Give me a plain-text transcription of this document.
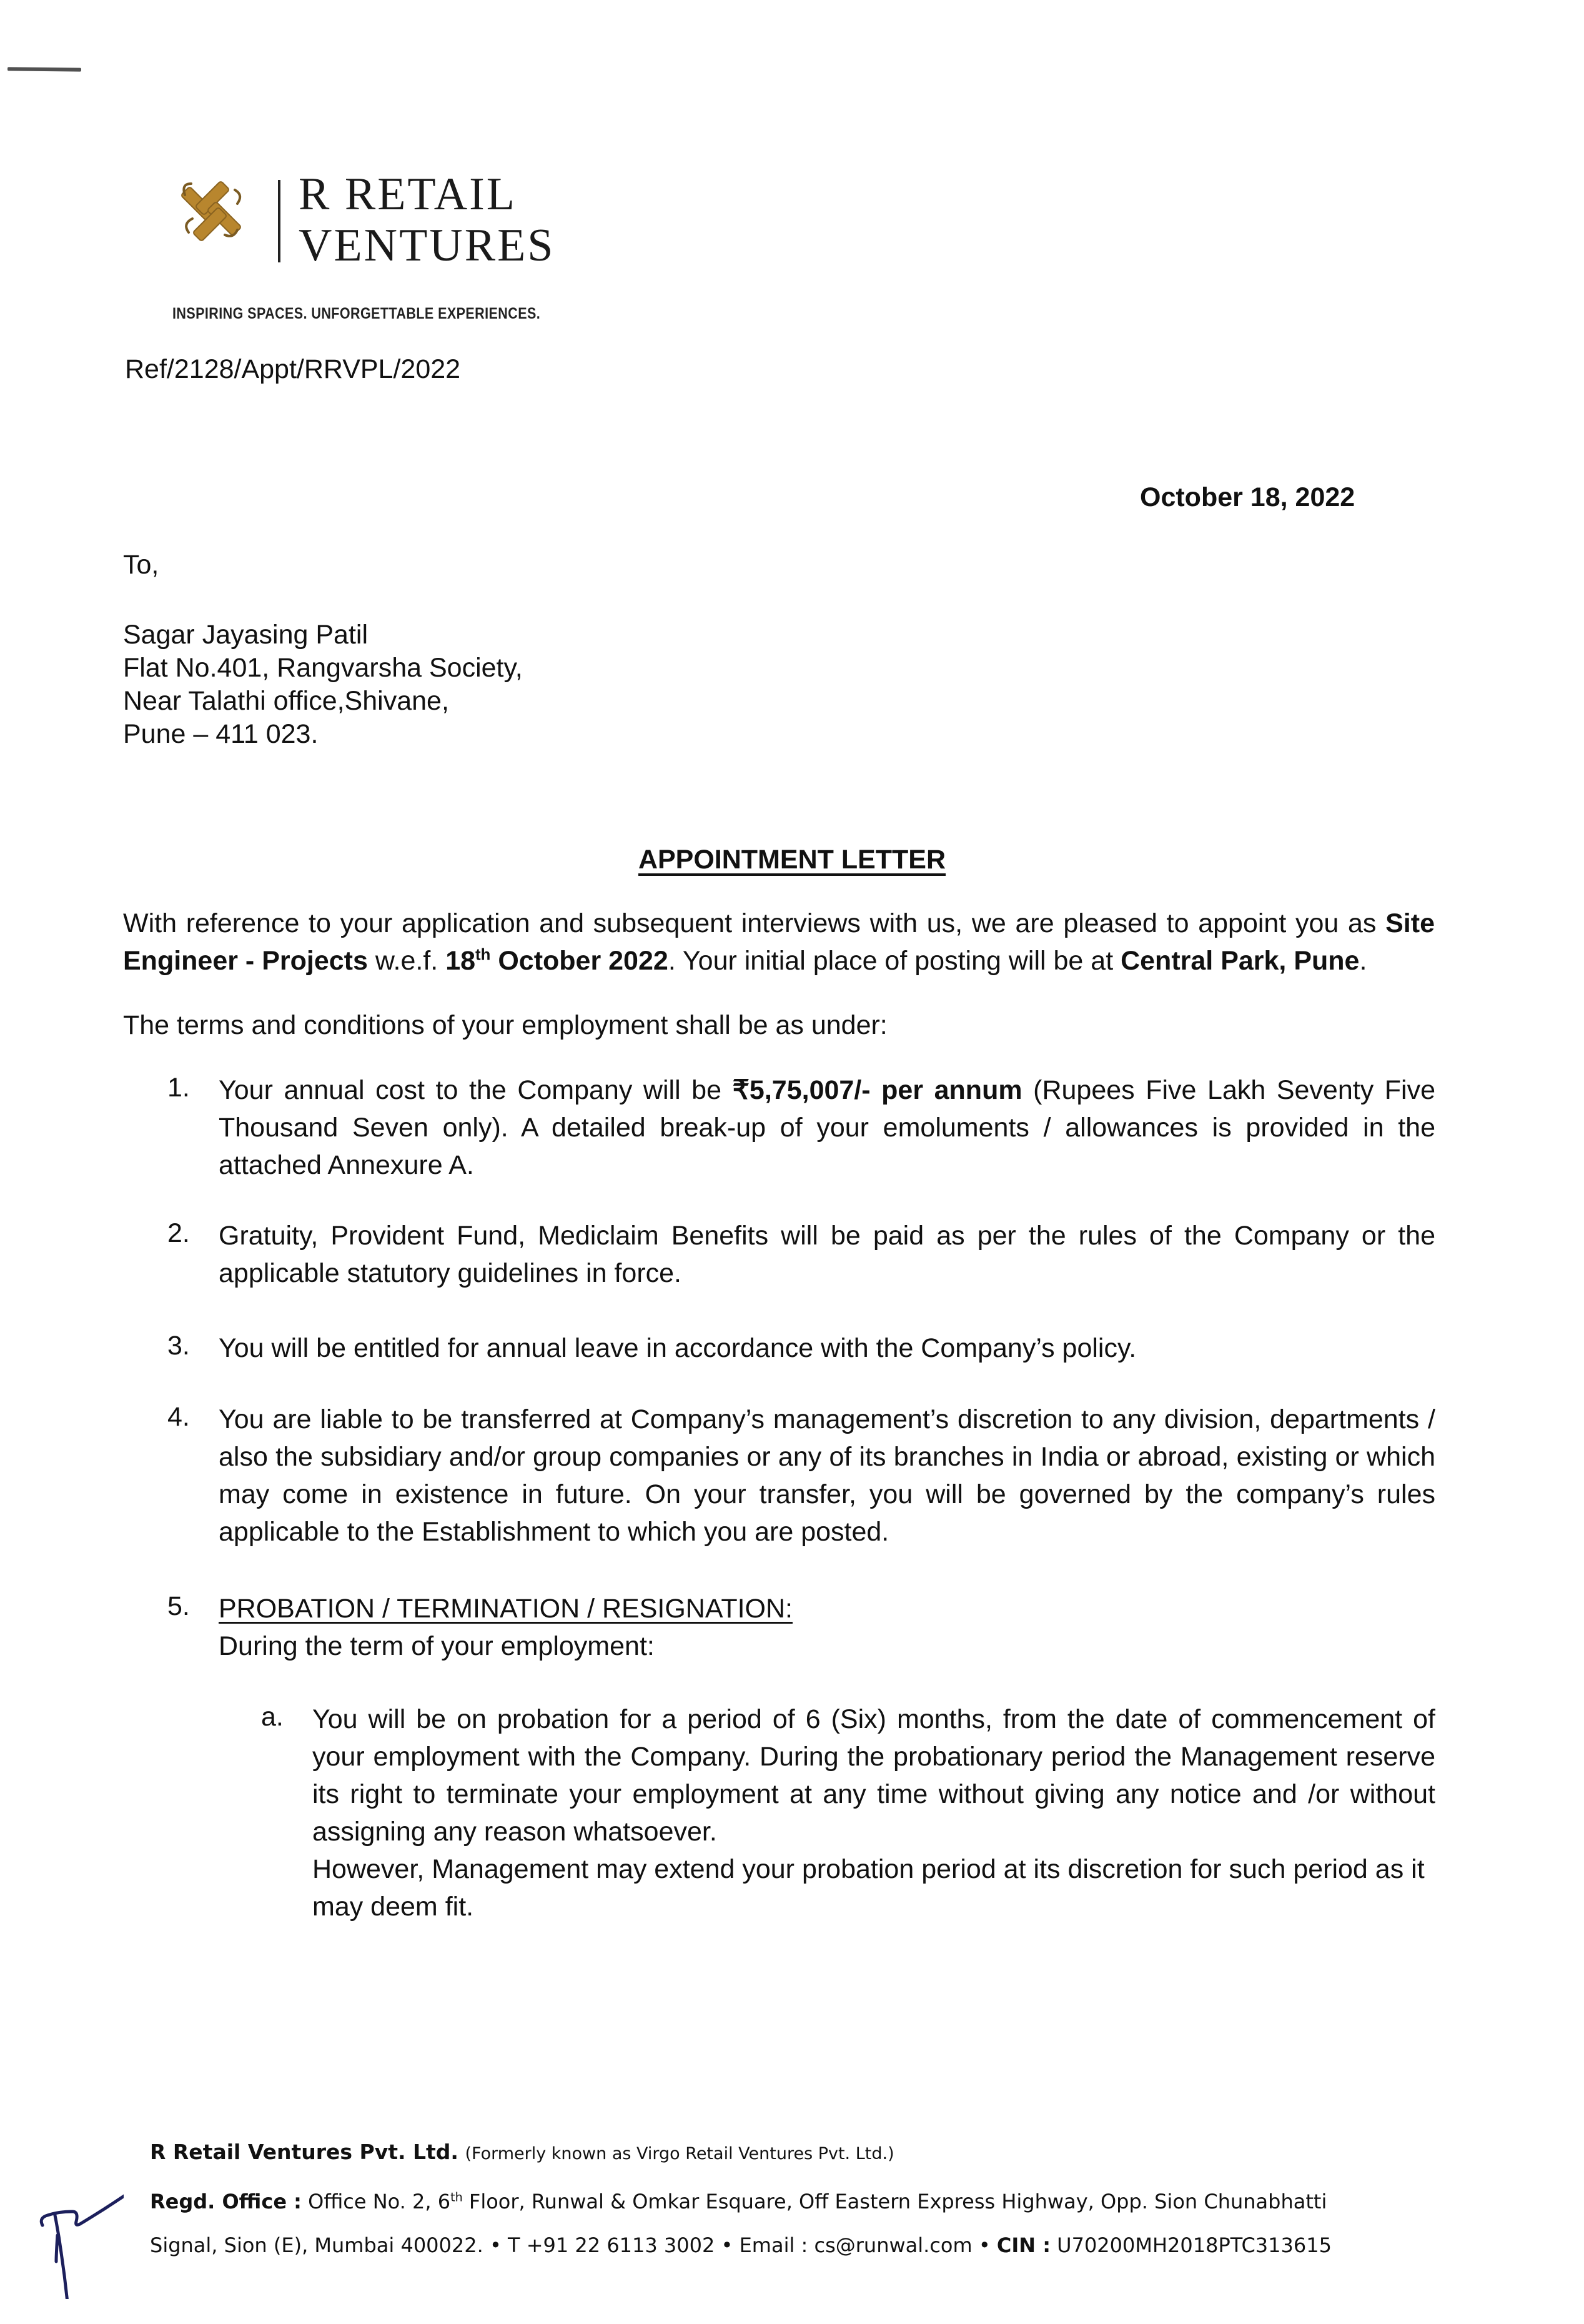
R RETAIL
VENTURES
INSPIRING SPACES. UNFORGETTABLE EXPERIENCES.
Ref/2128/Appt/RRVPL/2022
October 18, 2022
To,
Sagar Jayasing Patil
Flat No.401, Rangvarsha Society,
Near Talathi office,Shivane,
Pune – 411 023.
APPOINTMENT LETTER
With reference to your application and subsequent interviews with us, we are pleased to appoint you as Site Engineer - Projects w.e.f. 18th October 2022. Your initial place of posting will be at Central Park, Pune.
The terms and conditions of your employment shall be as under:
1. Your annual cost to the Company will be ₹5,75,007/- per annum (Rupees Five Lakh Seventy Five Thousand Seven only). A detailed break-up of your emoluments / allowances is provided in the attached Annexure A.
2. Gratuity, Provident Fund, Mediclaim Benefits will be paid as per the rules of the Company or the applicable statutory guidelines in force.
3. You will be entitled for annual leave in accordance with the Company’s policy.
4. You are liable to be transferred at Company’s management’s discretion to any division, departments / also the subsidiary and/or group companies or any of its branches in India or abroad, existing or which may come in existence in future. On your transfer, you will be governed by the company’s rules applicable to the Establishment to which you are posted.
5. PROBATION / TERMINATION / RESIGNATION:
During the term of your employment:
a. You will be on probation for a period of 6 (Six) months, from the date of commencement of your employment with the Company. During the probationary period the Management reserve its right to terminate your employment at any time without giving any notice and /or without assigning any reason whatsoever.
However, Management may extend your probation period at its discretion for such period as it may deem fit.
R Retail Ventures Pvt. Ltd. (Formerly known as Virgo Retail Ventures Pvt. Ltd.)
Regd. Office : Office No. 2, 6th Floor, Runwal & Omkar Esquare, Off Eastern Express Highway, Opp. Sion Chunabhatti
Signal, Sion (E), Mumbai 400022. • T +91 22 6113 3002 • Email : cs@runwal.com • CIN : U70200MH2018PTC313615
